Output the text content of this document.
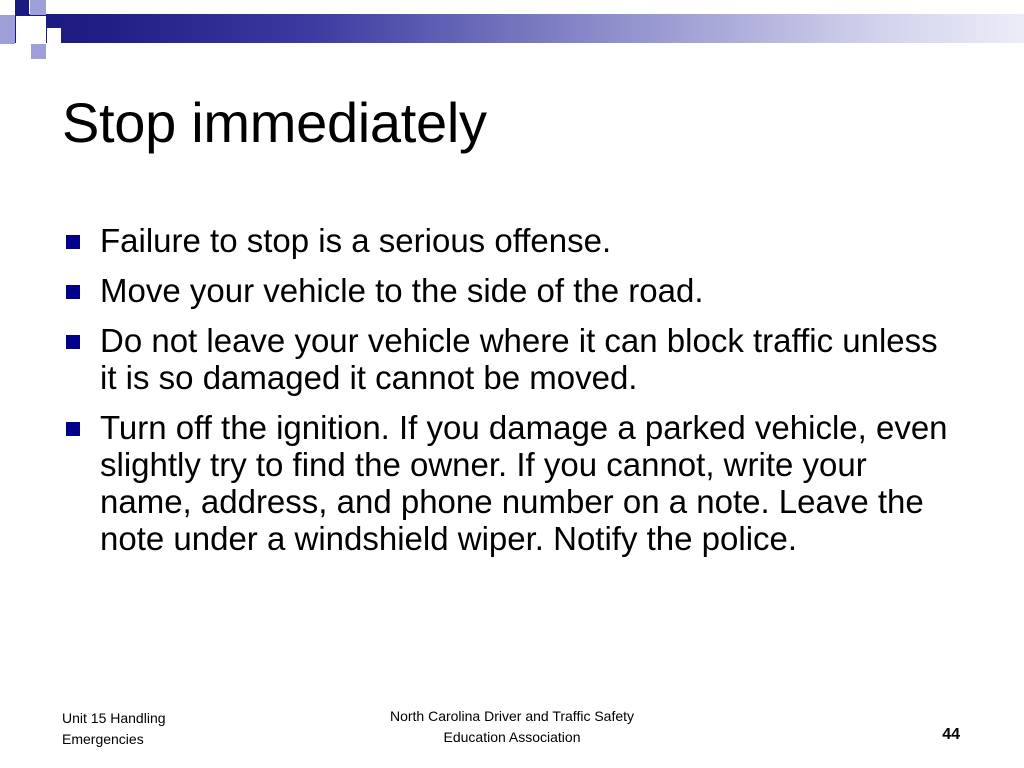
Stop immediately
Failure to stop is a serious offense.
Move your vehicle to the side of the road.
Do not leave your vehicle where it can block traffic unless it is so damaged it cannot be moved.
Turn off the ignition. If you damage a parked vehicle, even slightly try to find the owner. If you cannot, write your name, address, and phone number on a note. Leave the note under a windshield wiper. Notify the police.
Unit 15 Handling
Emergencies
North Carolina Driver and Traffic Safety
Education Association	44
